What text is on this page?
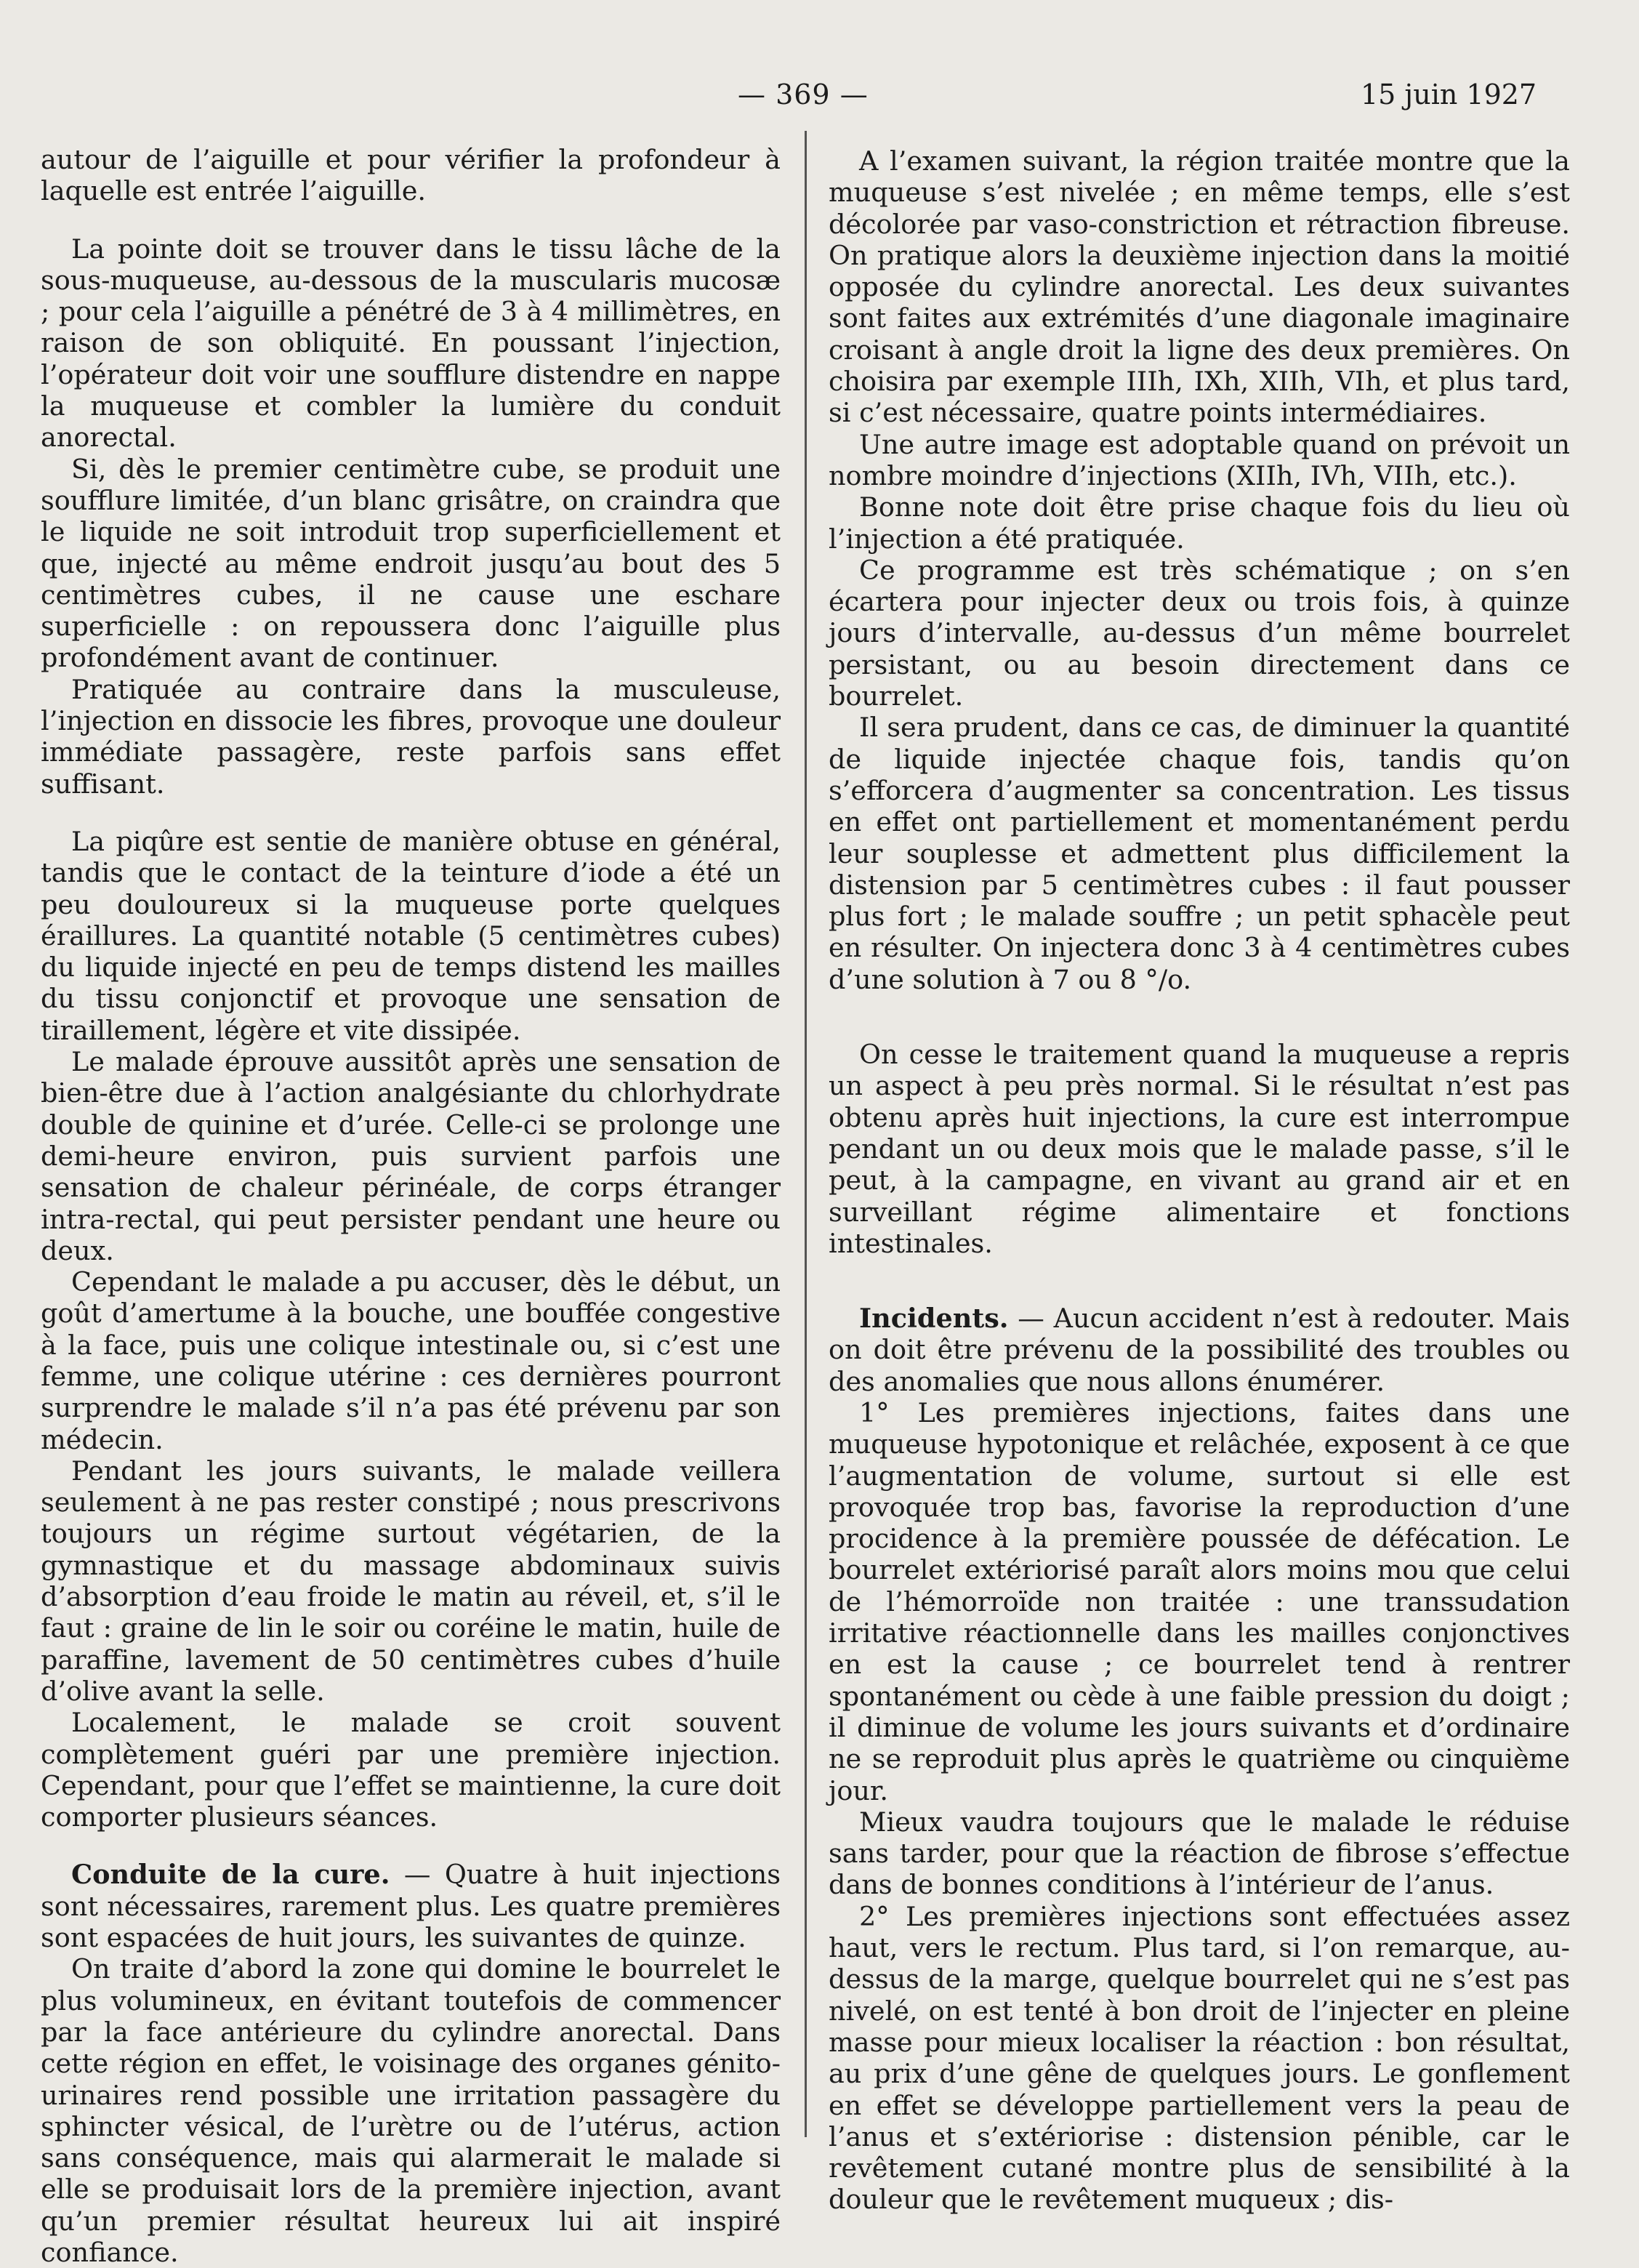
— 369 —	15 juin 1927

autour de l’aiguille et pour vérifier la profondeur à laquelle est entrée l’aiguille.

La pointe doit se trouver dans le tissu lâche de la sous-muqueuse, au-dessous de la muscularis mucosæ ; pour cela l’aiguille a pénétré de 3 à 4 millimètres, en raison de son obliquité. En poussant l’injection, l’opérateur doit voir une soufflure distendre en nappe la muqueuse et combler la lumière du conduit anorectal.

Si, dès le premier centimètre cube, se produit une soufflure limitée, d’un blanc grisâtre, on craindra que le liquide ne soit introduit trop superficiellement et que, injecté au même endroit jusqu’au bout des 5 centimètres cubes, il ne cause une eschare superficielle : on repoussera donc l’aiguille plus profondément avant de continuer.

Pratiquée au contraire dans la musculeuse, l’injection en dissocie les fibres, provoque une douleur immédiate passagère, reste parfois sans effet suffisant.

La piqûre est sentie de manière obtuse en général, tandis que le contact de la teinture d’iode a été un peu douloureux si la muqueuse porte quelques éraillures. La quantité notable (5 centimètres cubes) du liquide injecté en peu de temps distend les mailles du tissu conjonctif et provoque une sensation de tiraillement, légère et vite dissipée.

Le malade éprouve aussitôt après une sensation de bien-être due à l’action analgésiante du chlorhydrate double de quinine et d’urée. Celle-ci se prolonge une demi-heure environ, puis survient parfois une sensation de chaleur périnéale, de corps étranger intra-rectal, qui peut persister pendant une heure ou deux.

Cependant le malade a pu accuser, dès le début, un goût d’amertume à la bouche, une bouffée congestive à la face, puis une colique intestinale ou, si c’est une femme, une colique utérine : ces dernières pourront surprendre le malade s’il n’a pas été prévenu par son médecin.

Pendant les jours suivants, le malade veillera seulement à ne pas rester constipé ; nous prescrivons toujours un régime surtout végétarien, de la gymnastique et du massage abdominaux suivis d’absorption d’eau froide le matin au réveil, et, s’il le faut : graine de lin le soir ou coréine le matin, huile de paraffine, lavement de 50 centimètres cubes d’huile d’olive avant la selle.

Localement, le malade se croit souvent complètement guéri par une première injection. Cependant, pour que l’effet se maintienne, la cure doit comporter plusieurs séances.

Conduite de la cure. — Quatre à huit injections sont nécessaires, rarement plus. Les quatre premières sont espacées de huit jours, les suivantes de quinze.

On traite d’abord la zone qui domine le bourrelet le plus volumineux, en évitant toutefois de commencer par la face antérieure du cylindre anorectal. Dans cette région en effet, le voisinage des organes génito-urinaires rend possible une irritation passagère du sphincter vésical, de l’urètre ou de l’utérus, action sans conséquence, mais qui alarmerait le malade si elle se produisait lors de la première injection, avant qu’un premier résultat heureux lui ait inspiré confiance.

A l’examen suivant, la région traitée montre que la muqueuse s’est nivelée ; en même temps, elle s’est décolorée par vaso-constriction et rétraction fibreuse. On pratique alors la deuxième injection dans la moitié opposée du cylindre anorectal. Les deux suivantes sont faites aux extrémités d’une diagonale imaginaire croisant à angle droit la ligne des deux premières. On choisira par exemple IIIh, IXh, XIIh, VIh, et plus tard, si c’est nécessaire, quatre points intermédiaires.

Une autre image est adoptable quand on prévoit un nombre moindre d’injections (XIIh, IVh, VIIh, etc.).

Bonne note doit être prise chaque fois du lieu où l’injection a été pratiquée.

Ce programme est très schématique ; on s’en écartera pour injecter deux ou trois fois, à quinze jours d’intervalle, au-dessus d’un même bourrelet persistant, ou au besoin directement dans ce bourrelet.

Il sera prudent, dans ce cas, de diminuer la quantité de liquide injectée chaque fois, tandis qu’on s’efforcera d’augmenter sa concentration. Les tissus en effet ont partiellement et momentanément perdu leur souplesse et admettent plus difficilement la distension par 5 centimètres cubes : il faut pousser plus fort ; le malade souffre ; un petit sphacèle peut en résulter. On injectera donc 3 à 4 centimètres cubes d’une solution à 7 ou 8 °/o.

On cesse le traitement quand la muqueuse a repris un aspect à peu près normal. Si le résultat n’est pas obtenu après huit injections, la cure est interrompue pendant un ou deux mois que le malade passe, s’il le peut, à la campagne, en vivant au grand air et en surveillant régime alimentaire et fonctions intestinales.

Incidents. — Aucun accident n’est à redouter. Mais on doit être prévenu de la possibilité des troubles ou des anomalies que nous allons énumérer.

1° Les premières injections, faites dans une muqueuse hypotonique et relâchée, exposent à ce que l’augmentation de volume, surtout si elle est provoquée trop bas, favorise la reproduction d’une procidence à la première poussée de défécation. Le bourrelet extériorisé paraît alors moins mou que celui de l’hémorroïde non traitée : une transsudation irritative réactionnelle dans les mailles conjonctives en est la cause ; ce bourrelet tend à rentrer spontanément ou cède à une faible pression du doigt ; il diminue de volume les jours suivants et d’ordinaire ne se reproduit plus après le quatrième ou cinquième jour.

Mieux vaudra toujours que le malade le réduise sans tarder, pour que la réaction de fibrose s’effectue dans de bonnes conditions à l’intérieur de l’anus.

2° Les premières injections sont effectuées assez haut, vers le rectum. Plus tard, si l’on remarque, au-dessus de la marge, quelque bourrelet qui ne s’est pas nivelé, on est tenté à bon droit de l’injecter en pleine masse pour mieux localiser la réaction : bon résultat, au prix d’une gêne de quelques jours. Le gonflement en effet se développe partiellement vers la peau de l’anus et s’extériorise : distension pénible, car le revêtement cutané montre plus de sensibilité à la douleur que le revêtement muqueux ; dis-
